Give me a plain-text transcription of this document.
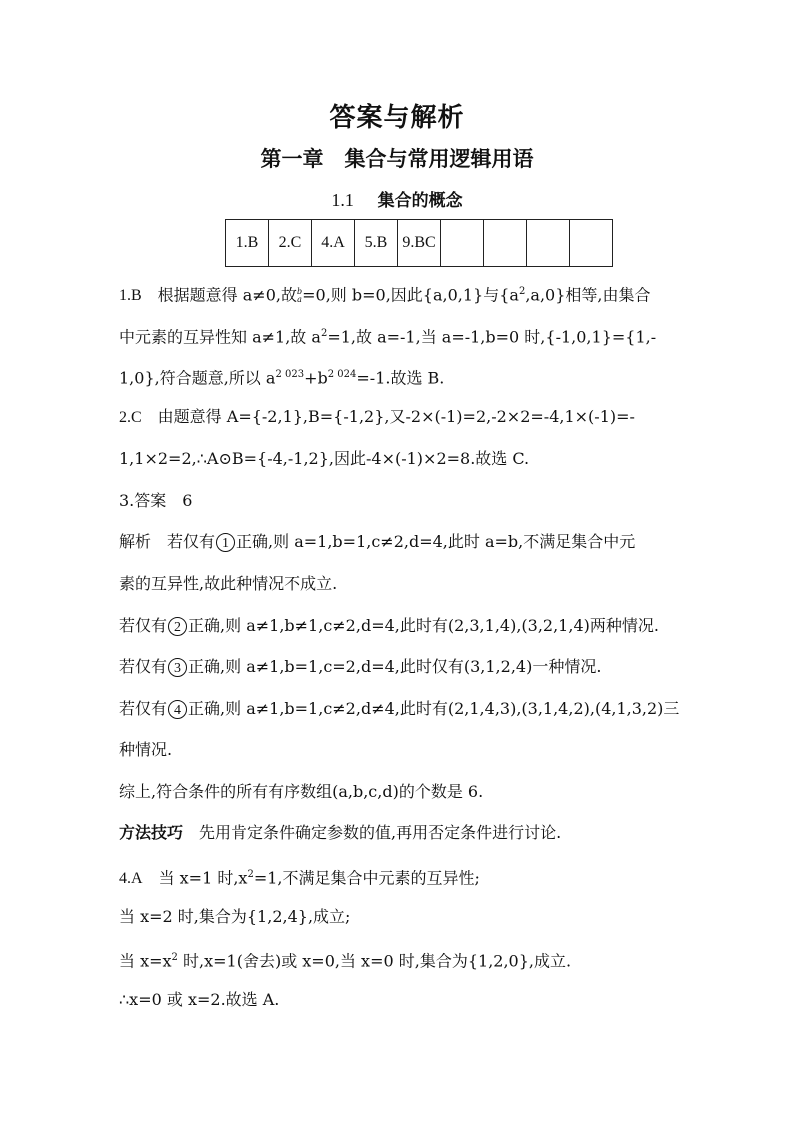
答案与解析
第一章　集合与常用逻辑用语
1.1 集合的概念
1.B	2.C	4.A	5.B	9.BC				
1.B 根据题意得 a≠0,故 b
a =0,则 b=0,因此{a,0,1}与$\{a^2,a,0\}$相等,由集合
中元素的互异性知 a≠1,故 $a^2=1$,故 a=-1,当 a=-1,b=0 时,{-1,0,1}={1,-
1,0},符合题意,所以 $a^{2 023}+b^{2 024}=-1$.故选 B.
2.C 由题意得 A={-2,1},B={-1,2},又-2×(-1)=2,-2×2=-4,1×(-1)=-
1,1×2=2,∴A⊙B={-4,-1,2},因此-4×(-1)×2=8.故选 C.
3.答案　6
解析 若仅有 1 正确,则 a=1,b=1,c≠2,d=4,此时 a=b,不满足集合中元
素的互异性,故此种情况不成立.
若仅有 2 正确,则 a≠1,b≠1,c≠2,d=4,此时有(2,3,1,4),(3,2,1,4)两种情况.
若仅有 3 正确,则 a≠1,b=1,c=2,d=4,此时仅有(3,1,2,4)一种情况.
若仅有 4 正确,则 a≠1,b=1,c≠2,d≠4,此时有(2,1,4,3),(3,1,4,2),(4,1,3,2)三
种情况.
综上,符合条件的所有有序数组(a,b,c,d)的个数是 6.
方法技巧 先用肯定条件确定参数的值,再用否定条件进行讨论.
4.A 当 x=1 时$,x^2=1$,不满足集合中元素的互异性;
当 x=2 时,集合为{1,2,4},成立;
当 $x=x^2$ 时,x=1(舍去)或 x=0,当 x=0 时,集合为{1,2,0},成立.
∴x=0 或 x=2.故选 A.
